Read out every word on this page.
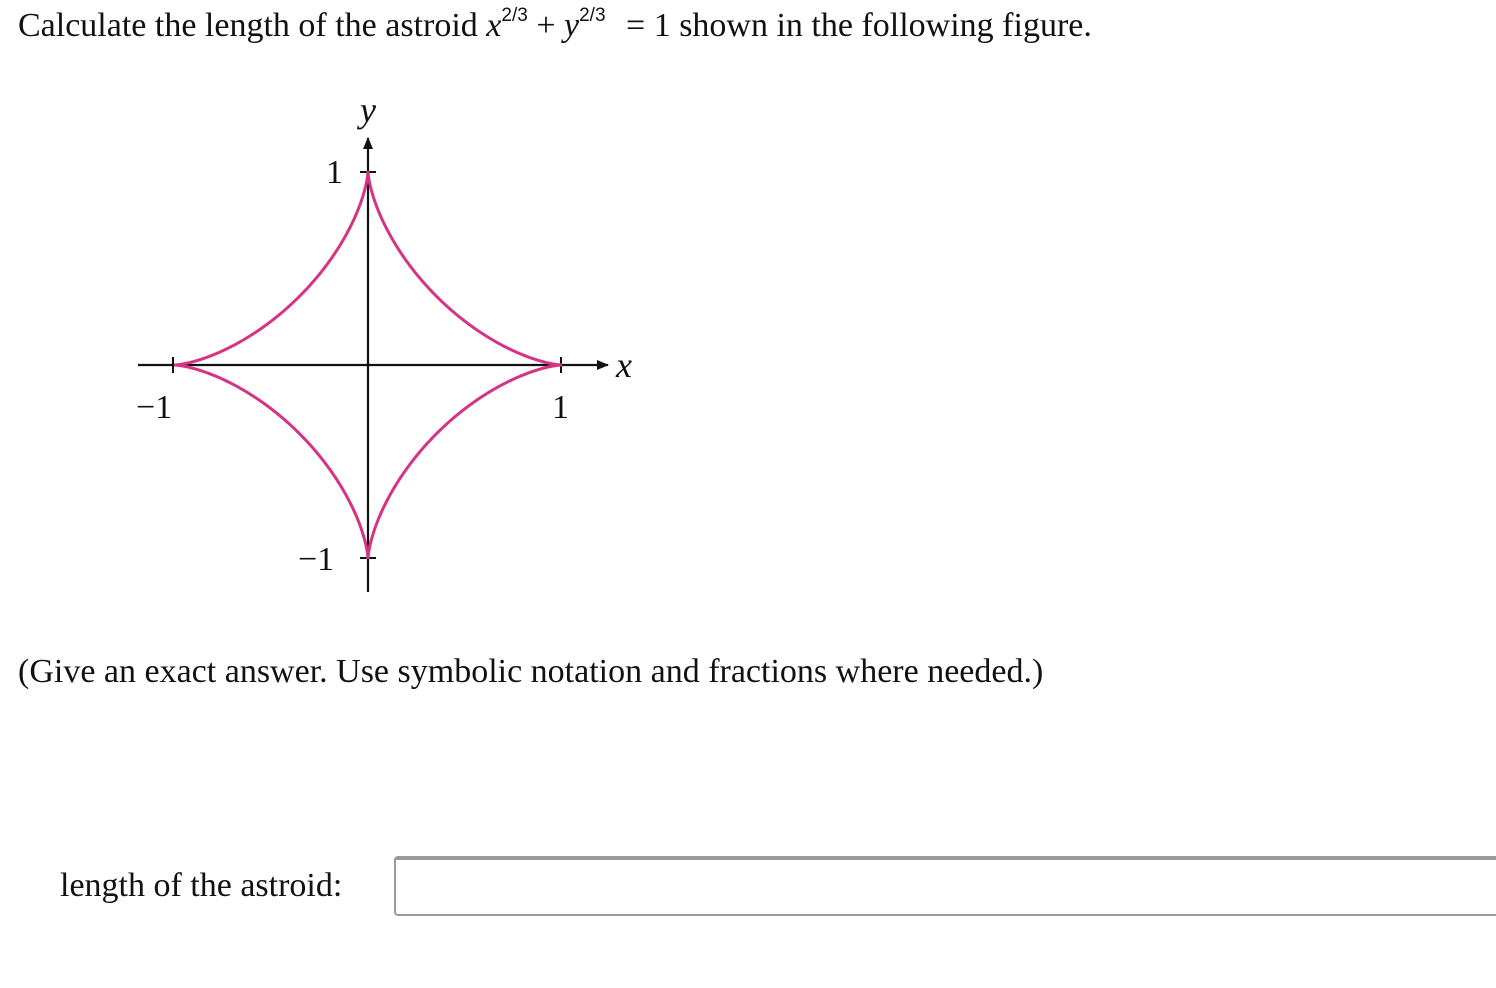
Calculate the length of the astroid $x^{2/3} + y^{2/3} = 1$ shown in the following figure.
y
x
1
−1
−1	1
(Give an exact answer. Use symbolic notation and fractions where needed.)
length of the astroid:
